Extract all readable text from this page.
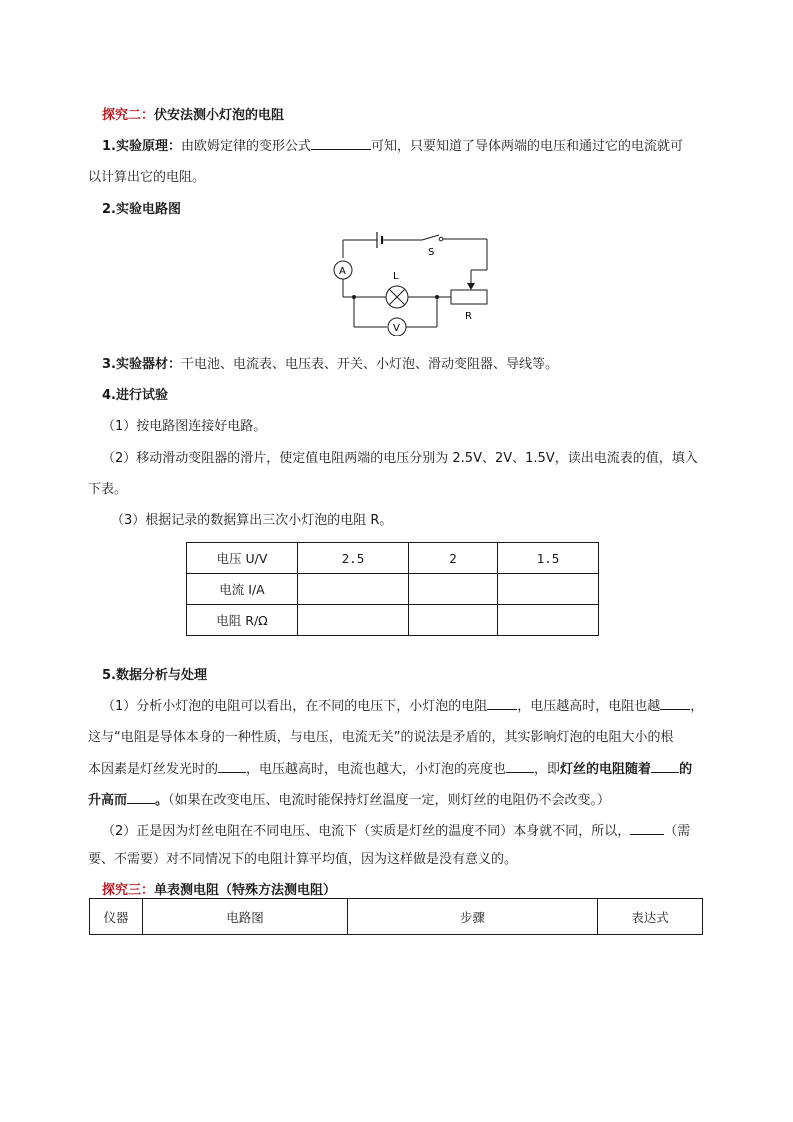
探究二：伏安法测小灯泡的电阻
1.实验原理：由欧姆定律的变形公式	可知，只要知道了导体两端的电压和通过它的电流就可
以计算出它的电阻。
2.实验电路图
S
A	L
V
R
3.实验器材：干电池、电流表、电压表、开关、小灯泡、滑动变阻器、导线等。
4.进行试验
（1）按电路图连接好电路。
（2）移动滑动变阻器的滑片，使定值电阻两端的电压分别为 2.5V、2V、1.5V，读出电流表的值，填入
下表。
（3）根据记录的数据算出三次小灯泡的电阻 R。
电压 U/V	2.5	2	1.5
电流 I/A			
电阻 R/Ω			
5.数据分析与处理
（1）分析小灯泡的电阻可以看出，在不同的电压下，小灯泡的电阻 ，电压越高时，电阻也越 ，
这与“电阻是导体本身的一种性质，与电压，电流无关”的说法是矛盾的，其实影响灯泡的电阻大小的根
本因素是灯丝发光时的 ，电压越高时，电流也越大，小灯泡的亮度也 ，即灯丝的电阻随着 的
升高而 。（如果在改变电压、电流时能保持灯丝温度一定，则灯丝的电阻仍不会改变。）
（2）正是因为灯丝电阻在不同电压、电流下（实质是灯丝的温度不同）本身就不同，所以，	（需
要、不需要）对不同情况下的电阻计算平均值，因为这样做是没有意义的。
探究三：单表测电阻（特殊方法测电阻）
仪器	电路图	步骤	表达式
